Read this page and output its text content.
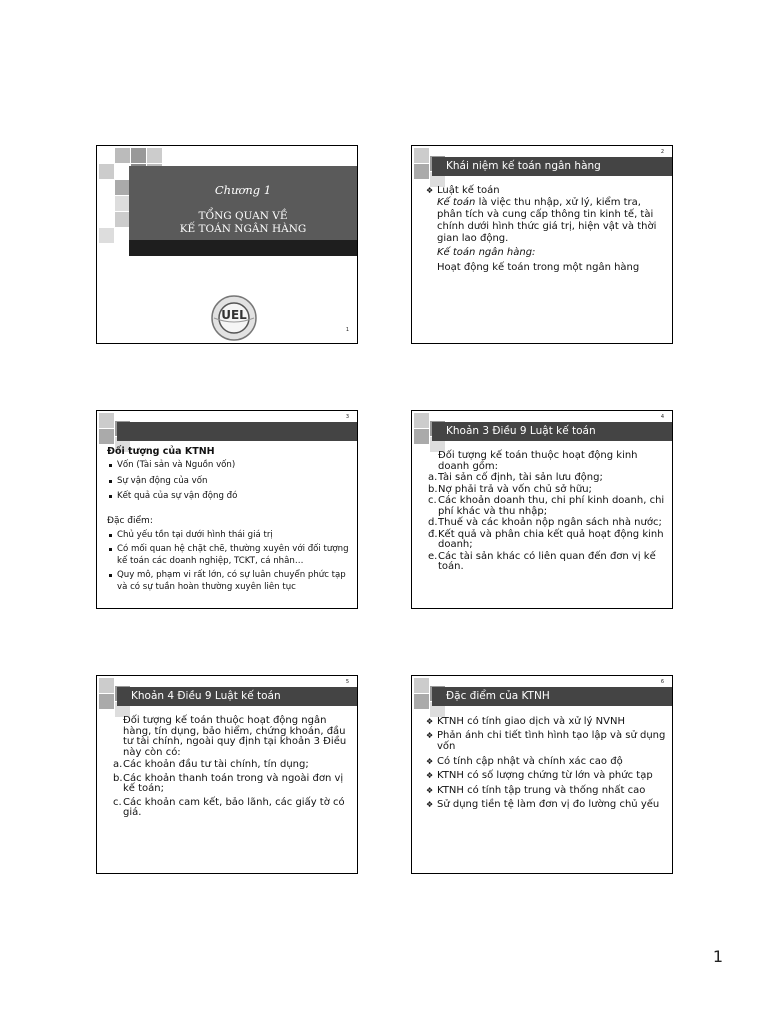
Chương 1
TỔNG QUAN VỀ
KẾ TOÁN NGÂN HÀNG
UEL
1
Khái niệm kế toán ngân hàng
2
❖ Luật kế toán
Kế toán là việc thu nhập, xử lý, kiểm tra, phân tích và cung cấp thông tin kinh tế, tài chính dưới hình thức giá trị, hiện vật và thời gian lao động.
Kế toán ngân hàng:
Hoạt động kế toán trong một ngân hàng
3
Đối tượng của KTNH
Vốn (Tài sản và Nguồn vốn)
Sự vận động của vốn
Kết quả của sự vận động đó
Đặc điểm:
Chủ yếu tồn tại dưới hình thái giá trị
Có mối quan hệ chặt chẽ, thường xuyên với đối tượng kế toán các doanh nghiệp, TCKT, cá nhân…
Quy mô, phạm vi rất lớn, có sự luân chuyển phức tạp và có sự tuần hoàn thường xuyên liên tục
Khoản 3 Điều 9 Luật kế toán
4
Đối tượng kế toán thuộc hoạt động kinh doanh gồm:
a. Tài sản cố định, tài sản lưu động;
b. Nợ phải trả và vốn chủ sở hữu;
c. Các khoản doanh thu, chi phí kinh doanh, chi phí khác và thu nhập;
d. Thuế và các khoản nộp ngân sách nhà nước;
đ. Kết quả và phân chia kết quả hoạt động kinh doanh;
e. Các tài sản khác có liên quan đến đơn vị kế toán.
Khoản 4 Điều 9 Luật kế toán
5
Đối tượng kế toán thuộc hoạt động ngân hàng, tín dụng, bảo hiểm, chứng khoán, đầu tư tài chính, ngoài quy định tại khoản 3 Điều này còn có:
a. Các khoản đầu tư tài chính, tín dụng;
b. Các khoản thanh toán trong và ngoài đơn vị kế toán;
c. Các khoản cam kết, bảo lãnh, các giấy tờ có giá.
Đặc điểm của KTNH
6
❖ KTNH có tính giao dịch và xử lý NVNH
❖ Phản ánh chi tiết tình hình tạo lập và sử dụng vốn
❖ Có tính cập nhật và chính xác cao độ
❖ KTNH có số lượng chứng từ lớn và phức tạp
❖ KTNH có tính tập trung và thống nhất cao
❖ Sử dụng tiền tệ làm đơn vị đo lường chủ yếu
1
